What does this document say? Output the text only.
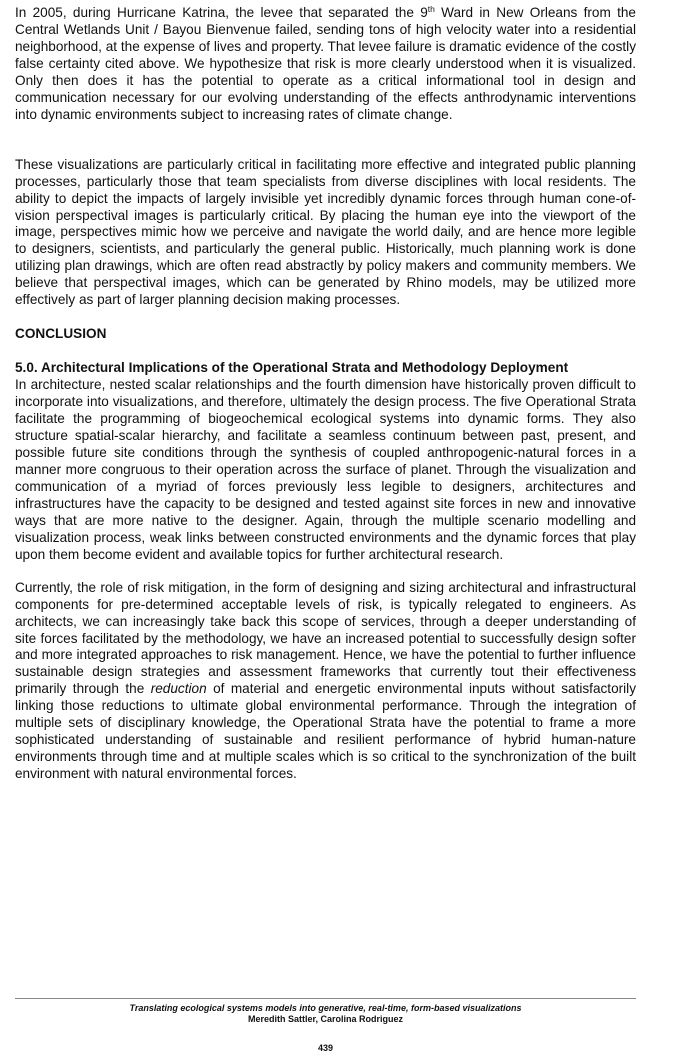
In 2005, during Hurricane Katrina, the levee that separated the 9th Ward in New Orleans from the Central Wetlands Unit / Bayou Bienvenue failed, sending tons of high velocity water into a residential neighborhood, at the expense of lives and property. That levee failure is dramatic evidence of the costly false certainty cited above. We hypothesize that risk is more clearly understood when it is visualized. Only then does it has the potential to operate as a critical informational tool in design and communication necessary for our evolving understanding of the effects anthrodynamic interventions into dynamic environments subject to increasing rates of climate change.

These visualizations are particularly critical in facilitating more effective and integrated public planning processes, particularly those that team specialists from diverse disciplines with local residents. The ability to depict the impacts of largely invisible yet incredibly dynamic forces through human cone-of-vision perspectival images is particularly critical. By placing the human eye into the viewport of the image, perspectives mimic how we perceive and navigate the world daily, and are hence more legible to designers, scientists, and particularly the general public. Historically, much planning work is done utilizing plan drawings, which are often read abstractly by policy makers and community members. We believe that perspectival images, which can be generated by Rhino models, may be utilized more effectively as part of larger planning decision making processes.

CONCLUSION
5.0. Architectural Implications of the Operational Strata and Methodology Deployment

In architecture, nested scalar relationships and the fourth dimension have historically proven difficult to incorporate into visualizations, and therefore, ultimately the design process. The five Operational Strata facilitate the programming of biogeochemical ecological systems into dynamic forms. They also structure spatial-scalar hierarchy, and facilitate a seamless continuum between past, present, and possible future site conditions through the synthesis of coupled anthropogenic-natural forces in a manner more congruous to their operation across the surface of planet. Through the visualization and communication of a myriad of forces previously less legible to designers, architectures and infrastructures have the capacity to be designed and tested against site forces in new and innovative ways that are more native to the designer. Again, through the multiple scenario modelling and visualization process, weak links between constructed environments and the dynamic forces that play upon them become evident and available topics for further architectural research.

Currently, the role of risk mitigation, in the form of designing and sizing architectural and infrastructural components for pre-determined acceptable levels of risk, is typically relegated to engineers. As architects, we can increasingly take back this scope of services, through a deeper understanding of site forces facilitated by the methodology, we have an increased potential to successfully design softer and more integrated approaches to risk management. Hence, we have the potential to further influence sustainable design strategies and assessment frameworks that currently tout their effectiveness primarily through the reduction of material and energetic environmental inputs without satisfactorily linking those reductions to ultimate global environmental performance. Through the integration of multiple sets of disciplinary knowledge, the Operational Strata have the potential to frame a more sophisticated understanding of sustainable and resilient performance of hybrid human-nature environments through time and at multiple scales which is so critical to the synchronization of the built environment with natural environmental forces.

Translating ecological systems models into generative, real-time, form-based visualizations
Meredith Sattler, Carolina Rodriguez
439
